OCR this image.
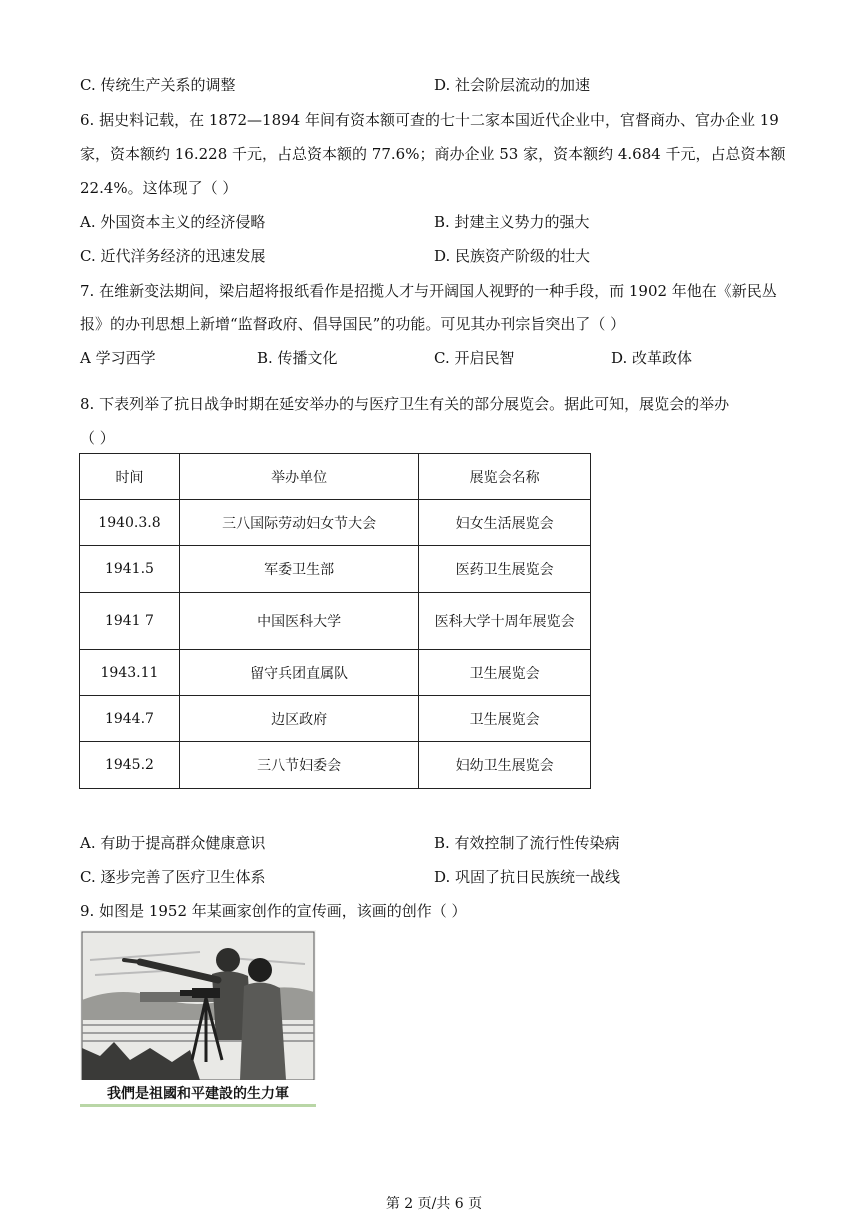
C. 传统生产关系的调整	D. 社会阶层流动的加速
6. 据史料记载，在 1872—1894 年间有资本额可查的七十二家本国近代企业中，官督商办、官办企业 19
家，资本额约 16.228 千元，占总资本额的 77.6%；商办企业 53 家，资本额约 4.684 千元，占总资本额
22.4%。这体现了（ ）
A. 外国资本主义的经济侵略	B. 封建主义势力的强大
C. 近代洋务经济的迅速发展	D. 民族资产阶级的壮大
7. 在维新变法期间，梁启超将报纸看作是招揽人才与开阔国人视野的一种手段，而 1902 年他在《新民丛
报》的办刊思想上新增“监督政府、倡导国民”的功能。可见其办刊宗旨突出了（ ）
A 学习西学	B. 传播文化	C. 开启民智	D. 改革政体
8. 下表列举了抗日战争时期在延安举办的与医疗卫生有关的部分展览会。据此可知，展览会的举办
（ ）
时间	举办单位	展览会名称
1940.3.8	三八国际劳动妇女节大会	妇女生活展览会
1941.5	军委卫生部	医药卫生展览会
1941 7	中国医科大学	医科大学十周年展览会
1943.11	留守兵团直属队	卫生展览会
1944.7	边区政府	卫生展览会
1945.2	三八节妇委会	妇幼卫生展览会
A. 有助于提高群众健康意识	B. 有效控制了流行性传染病
C. 逐步完善了医疗卫生体系	D. 巩固了抗日民族统一战线
9. 如图是 1952 年某画家创作的宣传画，该画的创作（ ）
我們是祖國和平建設的生力軍
第 2 页/共 6 页
